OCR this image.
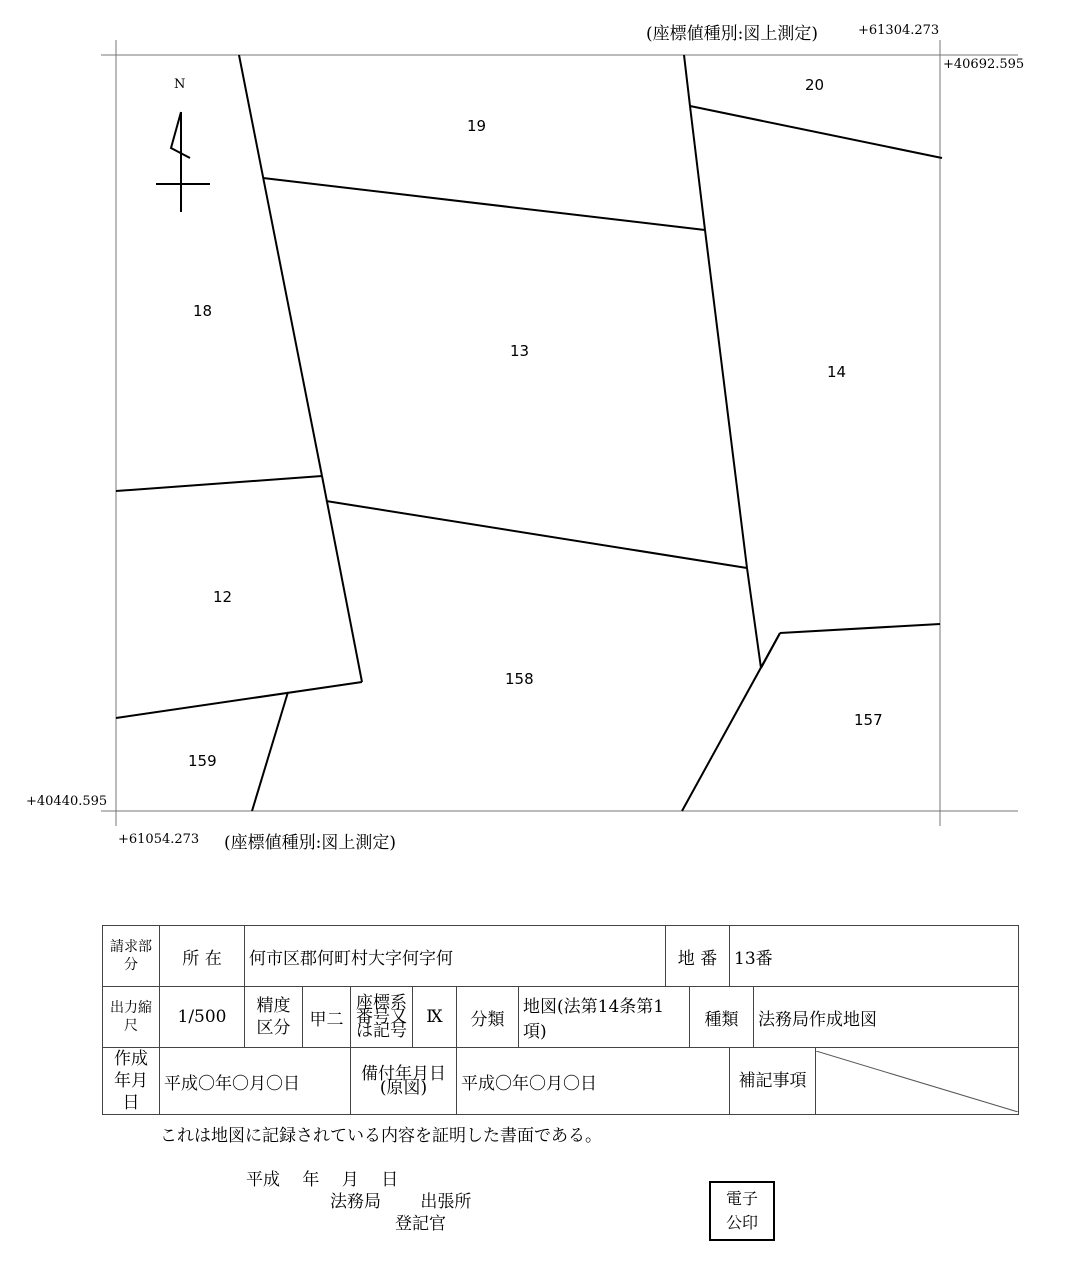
(座標値種別:図上測定)	+61304.273
+40692.595
+40440.595
+61054.273 (座標値種別:図上測定)
N	20
19
18
13
14
12
158
157
159
請求部分	所 在	何市区郡何町村大字何字何						地 番		13番		
出力縮尺	1/500	精度区分	甲二	座標系番号又は記号	Ⅸ	分類	地図(法第14条第1項)		種類		法務局作成地図	
作成年月日	平成〇年〇月〇日			備付年月日(原図)		平成〇年〇月〇日				補記事項	
これは地図に記録されている内容を証明した書面である。
平成　 年　 月　 日
法務局　　 出張所
登記官
電子
公印
